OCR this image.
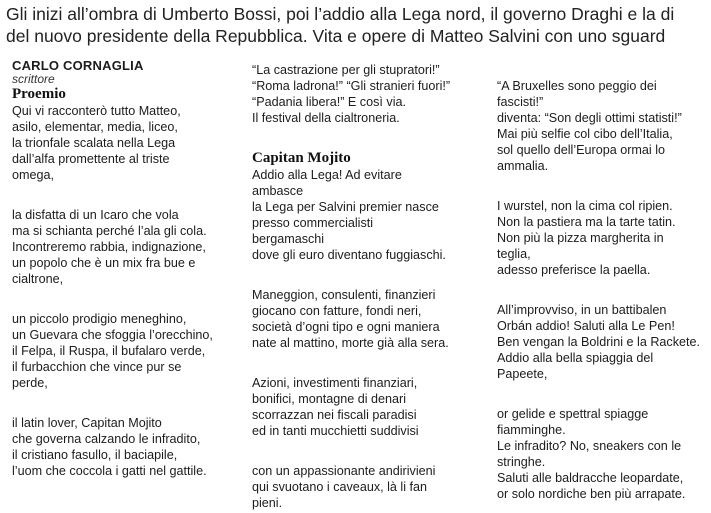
Gli inizi all’ombra di Umberto Bossi, poi l’addio alla Lega nord, il governo Draghi e la di
del nuovo presidente della Repubblica. Vita e opere di Matteo Salvini con uno sguard
CARLO CORNAGLIA
scrittore
Proemio
Qui vi racconterò tutto Matteo,
asilo, elementar, media, liceo,
la trionfale scalata nella Lega
dall’alfa promettente al triste
omega,
la disfatta di un Icaro che vola
ma si schianta perché l’ala gli cola.
Incontreremo rabbia, indignazione,
un popolo che è un mix fra bue e
cialtrone,
un piccolo prodigio meneghino,
un Guevara che sfoggia l’orecchino,
il Felpa, il Ruspa, il bufalaro verde,
il furbacchion che vince pur se
perde,
il latin lover, Capitan Mojito
che governa calzando le infradito,
il cristiano fasullo, il baciapile,
l’uom che coccola i gatti nel gattile.
“La castrazione per gli stupratori!”
“Roma ladrona!” “Gli stranieri fuori!”
“Padania libera!” E così via.
Il festival della cialtroneria.
Capitan Mojito
Addio alla Lega! Ad evitare
ambasce
la Lega per Salvini premier nasce
presso commercialisti
bergamaschi
dove gli euro diventano fuggiaschi.
Maneggion, consulenti, finanzieri
giocano con fatture, fondi neri,
società d’ogni tipo e ogni maniera
nate al mattino, morte già alla sera.
Azioni, investimenti finanziari,
bonifici, montagne di denari
scorrazzan nei fiscali paradisi
ed in tanti mucchietti suddivisi
con un appassionante andirivieni
qui svuotano i caveaux, là li fan
pieni.
“A Bruxelles sono peggio dei
fascisti!”
diventa: “Son degli ottimi statisti!”
Mai più selfie col cibo dell’Italia,
sol quello dell’Europa ormai lo
ammalia.
I wurstel, non la cima col ripien.
Non la pastiera ma la tarte tatin.
Non più la pizza margherita in
teglia,
adesso preferisce la paella.
All’improvviso, in un battibalen
Orbán addio! Saluti alla Le Pen!
Ben vengan la Boldrini e la Rackete.
Addio alla bella spiaggia del
Papeete,
or gelide e spettral spiagge
fiamminghe.
Le infradito? No, sneakers con le
stringhe.
Saluti alle baldracche leopardate,
or solo nordiche ben più arrapate.
